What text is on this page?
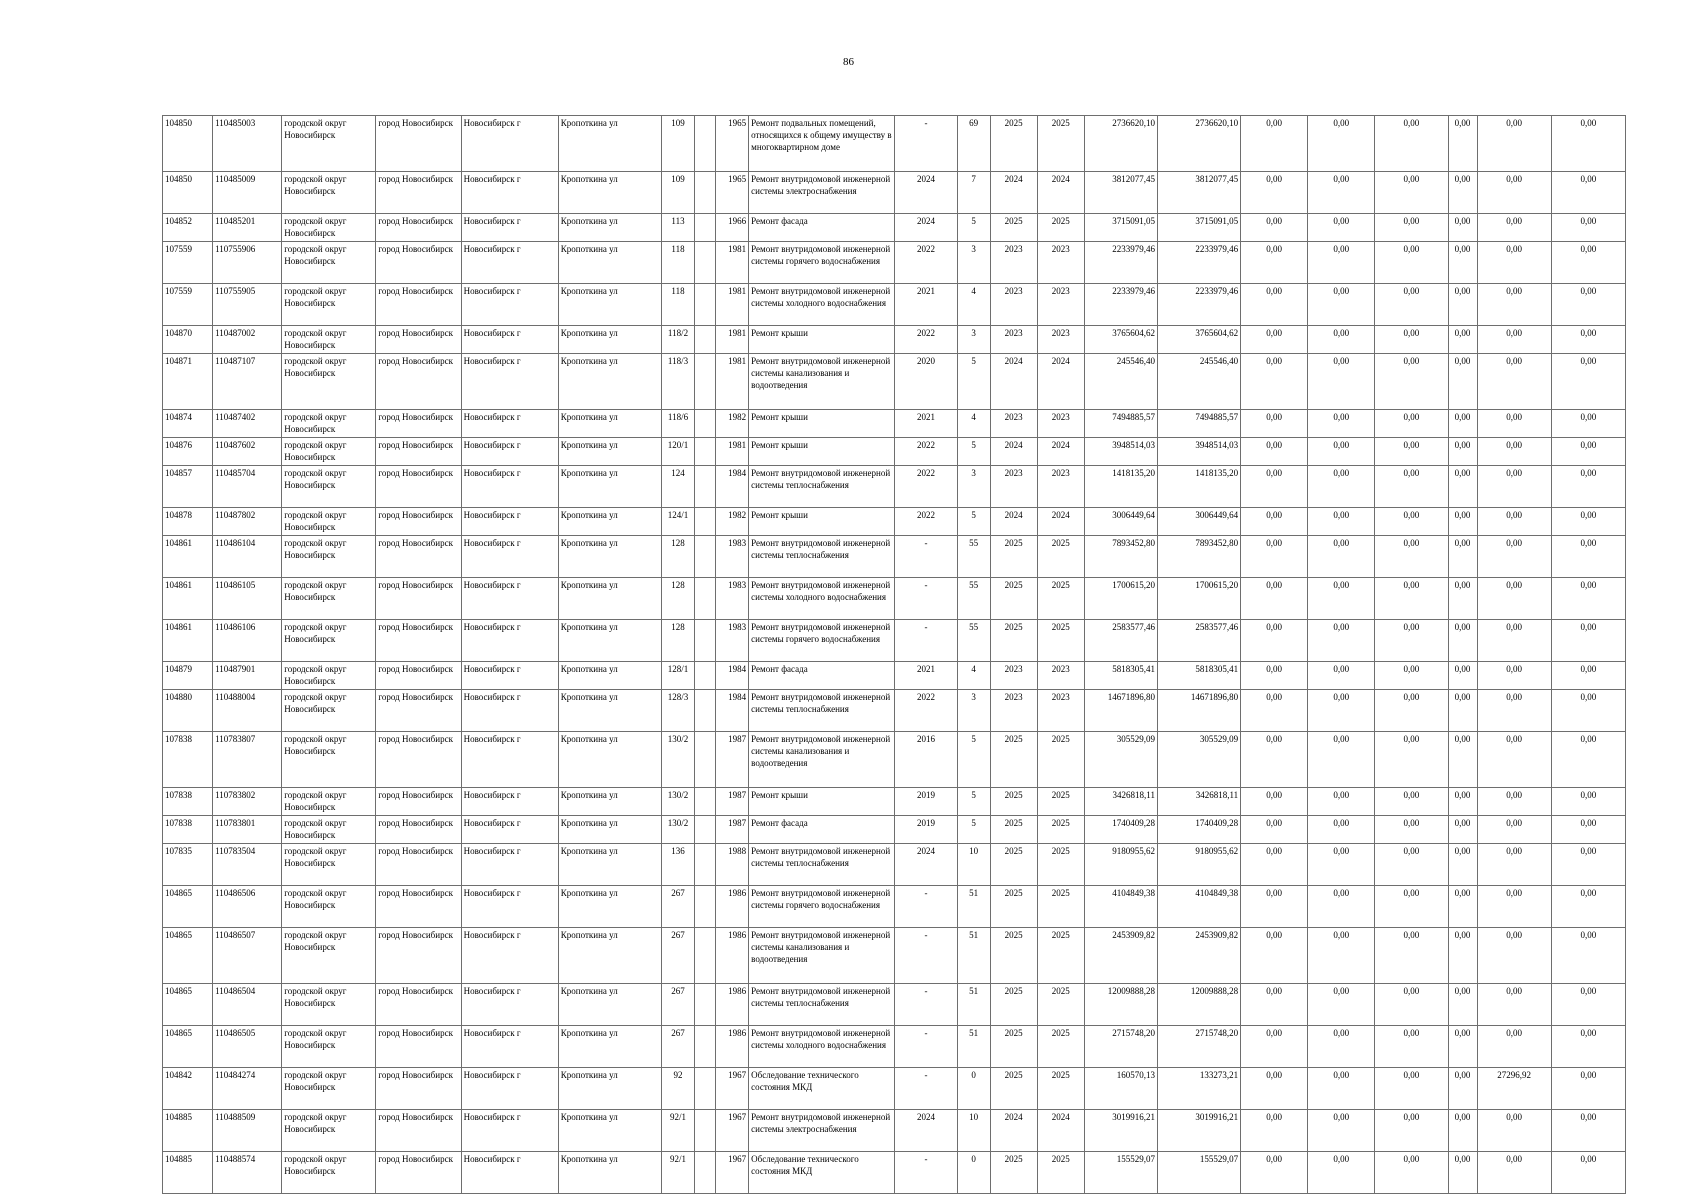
86
104850	110485003	городской округ Новосибирск	город Новосибирск	Новосибирск г	Кропоткина ул	109		1965	Ремонт подвальных помещений, относящихся к общему имуществу в многоквартирном доме	-	69	2025	2025	2736620,10	2736620,10	0,00	0,00	0,00	0,00	0,00	0,00
104850	110485009	городской округ Новосибирск	город Новосибирск	Новосибирск г	Кропоткина ул	109		1965	Ремонт внутридомовой инженерной системы электроснабжения	2024	7	2024	2024	3812077,45	3812077,45	0,00	0,00	0,00	0,00	0,00	0,00
104852	110485201	городской округ Новосибирск	город Новосибирск	Новосибирск г	Кропоткина ул	113		1966	Ремонт фасада	2024	5	2025	2025	3715091,05	3715091,05	0,00	0,00	0,00	0,00	0,00	0,00
107559	110755906	городской округ Новосибирск	город Новосибирск	Новосибирск г	Кропоткина ул	118		1981	Ремонт внутридомовой инженерной системы горячего водоснабжения	2022	3	2023	2023	2233979,46	2233979,46	0,00	0,00	0,00	0,00	0,00	0,00
107559	110755905	городской округ Новосибирск	город Новосибирск	Новосибирск г	Кропоткина ул	118		1981	Ремонт внутридомовой инженерной системы холодного водоснабжения	2021	4	2023	2023	2233979,46	2233979,46	0,00	0,00	0,00	0,00	0,00	0,00
104870	110487002	городской округ Новосибирск	город Новосибирск	Новосибирск г	Кропоткина ул	118/2		1981	Ремонт крыши	2022	3	2023	2023	3765604,62	3765604,62	0,00	0,00	0,00	0,00	0,00	0,00
104871	110487107	городской округ Новосибирск	город Новосибирск	Новосибирск г	Кропоткина ул	118/3		1981	Ремонт внутридомовой инженерной системы канализования и водоотведения	2020	5	2024	2024	245546,40	245546,40	0,00	0,00	0,00	0,00	0,00	0,00
104874	110487402	городской округ Новосибирск	город Новосибирск	Новосибирск г	Кропоткина ул	118/6		1982	Ремонт крыши	2021	4	2023	2023	7494885,57	7494885,57	0,00	0,00	0,00	0,00	0,00	0,00
104876	110487602	городской округ Новосибирск	город Новосибирск	Новосибирск г	Кропоткина ул	120/1		1981	Ремонт крыши	2022	5	2024	2024	3948514,03	3948514,03	0,00	0,00	0,00	0,00	0,00	0,00
104857	110485704	городской округ Новосибирск	город Новосибирск	Новосибирск г	Кропоткина ул	124		1984	Ремонт внутридомовой инженерной системы теплоснабжения	2022	3	2023	2023	1418135,20	1418135,20	0,00	0,00	0,00	0,00	0,00	0,00
104878	110487802	городской округ Новосибирск	город Новосибирск	Новосибирск г	Кропоткина ул	124/1		1982	Ремонт крыши	2022	5	2024	2024	3006449,64	3006449,64	0,00	0,00	0,00	0,00	0,00	0,00
104861	110486104	городской округ Новосибирск	город Новосибирск	Новосибирск г	Кропоткина ул	128		1983	Ремонт внутридомовой инженерной системы теплоснабжения	-	55	2025	2025	7893452,80	7893452,80	0,00	0,00	0,00	0,00	0,00	0,00
104861	110486105	городской округ Новосибирск	город Новосибирск	Новосибирск г	Кропоткина ул	128		1983	Ремонт внутридомовой инженерной системы холодного водоснабжения	-	55	2025	2025	1700615,20	1700615,20	0,00	0,00	0,00	0,00	0,00	0,00
104861	110486106	городской округ Новосибирск	город Новосибирск	Новосибирск г	Кропоткина ул	128		1983	Ремонт внутридомовой инженерной системы горячего водоснабжения	-	55	2025	2025	2583577,46	2583577,46	0,00	0,00	0,00	0,00	0,00	0,00
104879	110487901	городской округ Новосибирск	город Новосибирск	Новосибирск г	Кропоткина ул	128/1		1984	Ремонт фасада	2021	4	2023	2023	5818305,41	5818305,41	0,00	0,00	0,00	0,00	0,00	0,00
104880	110488004	городской округ Новосибирск	город Новосибирск	Новосибирск г	Кропоткина ул	128/3		1984	Ремонт внутридомовой инженерной системы теплоснабжения	2022	3	2023	2023	14671896,80	14671896,80	0,00	0,00	0,00	0,00	0,00	0,00
107838	110783807	городской округ Новосибирск	город Новосибирск	Новосибирск г	Кропоткина ул	130/2		1987	Ремонт внутридомовой инженерной системы канализования и водоотведения	2016	5	2025	2025	305529,09	305529,09	0,00	0,00	0,00	0,00	0,00	0,00
107838	110783802	городской округ Новосибирск	город Новосибирск	Новосибирск г	Кропоткина ул	130/2		1987	Ремонт крыши	2019	5	2025	2025	3426818,11	3426818,11	0,00	0,00	0,00	0,00	0,00	0,00
107838	110783801	городской округ Новосибирск	город Новосибирск	Новосибирск г	Кропоткина ул	130/2		1987	Ремонт фасада	2019	5	2025	2025	1740409,28	1740409,28	0,00	0,00	0,00	0,00	0,00	0,00
107835	110783504	городской округ Новосибирск	город Новосибирск	Новосибирск г	Кропоткина ул	136		1988	Ремонт внутридомовой инженерной системы теплоснабжения	2024	10	2025	2025	9180955,62	9180955,62	0,00	0,00	0,00	0,00	0,00	0,00
104865	110486506	городской округ Новосибирск	город Новосибирск	Новосибирск г	Кропоткина ул	267		1986	Ремонт внутридомовой инженерной системы горячего водоснабжения	-	51	2025	2025	4104849,38	4104849,38	0,00	0,00	0,00	0,00	0,00	0,00
104865	110486507	городской округ Новосибирск	город Новосибирск	Новосибирск г	Кропоткина ул	267		1986	Ремонт внутридомовой инженерной системы канализования и водоотведения	-	51	2025	2025	2453909,82	2453909,82	0,00	0,00	0,00	0,00	0,00	0,00
104865	110486504	городской округ Новосибирск	город Новосибирск	Новосибирск г	Кропоткина ул	267		1986	Ремонт внутридомовой инженерной системы теплоснабжения	-	51	2025	2025	12009888,28	12009888,28	0,00	0,00	0,00	0,00	0,00	0,00
104865	110486505	городской округ Новосибирск	город Новосибирск	Новосибирск г	Кропоткина ул	267		1986	Ремонт внутридомовой инженерной системы холодного водоснабжения	-	51	2025	2025	2715748,20	2715748,20	0,00	0,00	0,00	0,00	0,00	0,00
104842	110484274	городской округ Новосибирск	город Новосибирск	Новосибирск г	Кропоткина ул	92		1967	Обследование технического состояния МКД	-	0	2025	2025	160570,13	133273,21	0,00	0,00	0,00	0,00	27296,92	0,00
104885	110488509	городской округ Новосибирск	город Новосибирск	Новосибирск г	Кропоткина ул	92/1		1967	Ремонт внутридомовой инженерной системы электроснабжения	2024	10	2024	2024	3019916,21	3019916,21	0,00	0,00	0,00	0,00	0,00	0,00
104885	110488574	городской округ Новосибирск	город Новосибирск	Новосибирск г	Кропоткина ул	92/1		1967	Обследование технического состояния МКД	-	0	2025	2025	155529,07	155529,07	0,00	0,00	0,00	0,00	0,00	0,00
